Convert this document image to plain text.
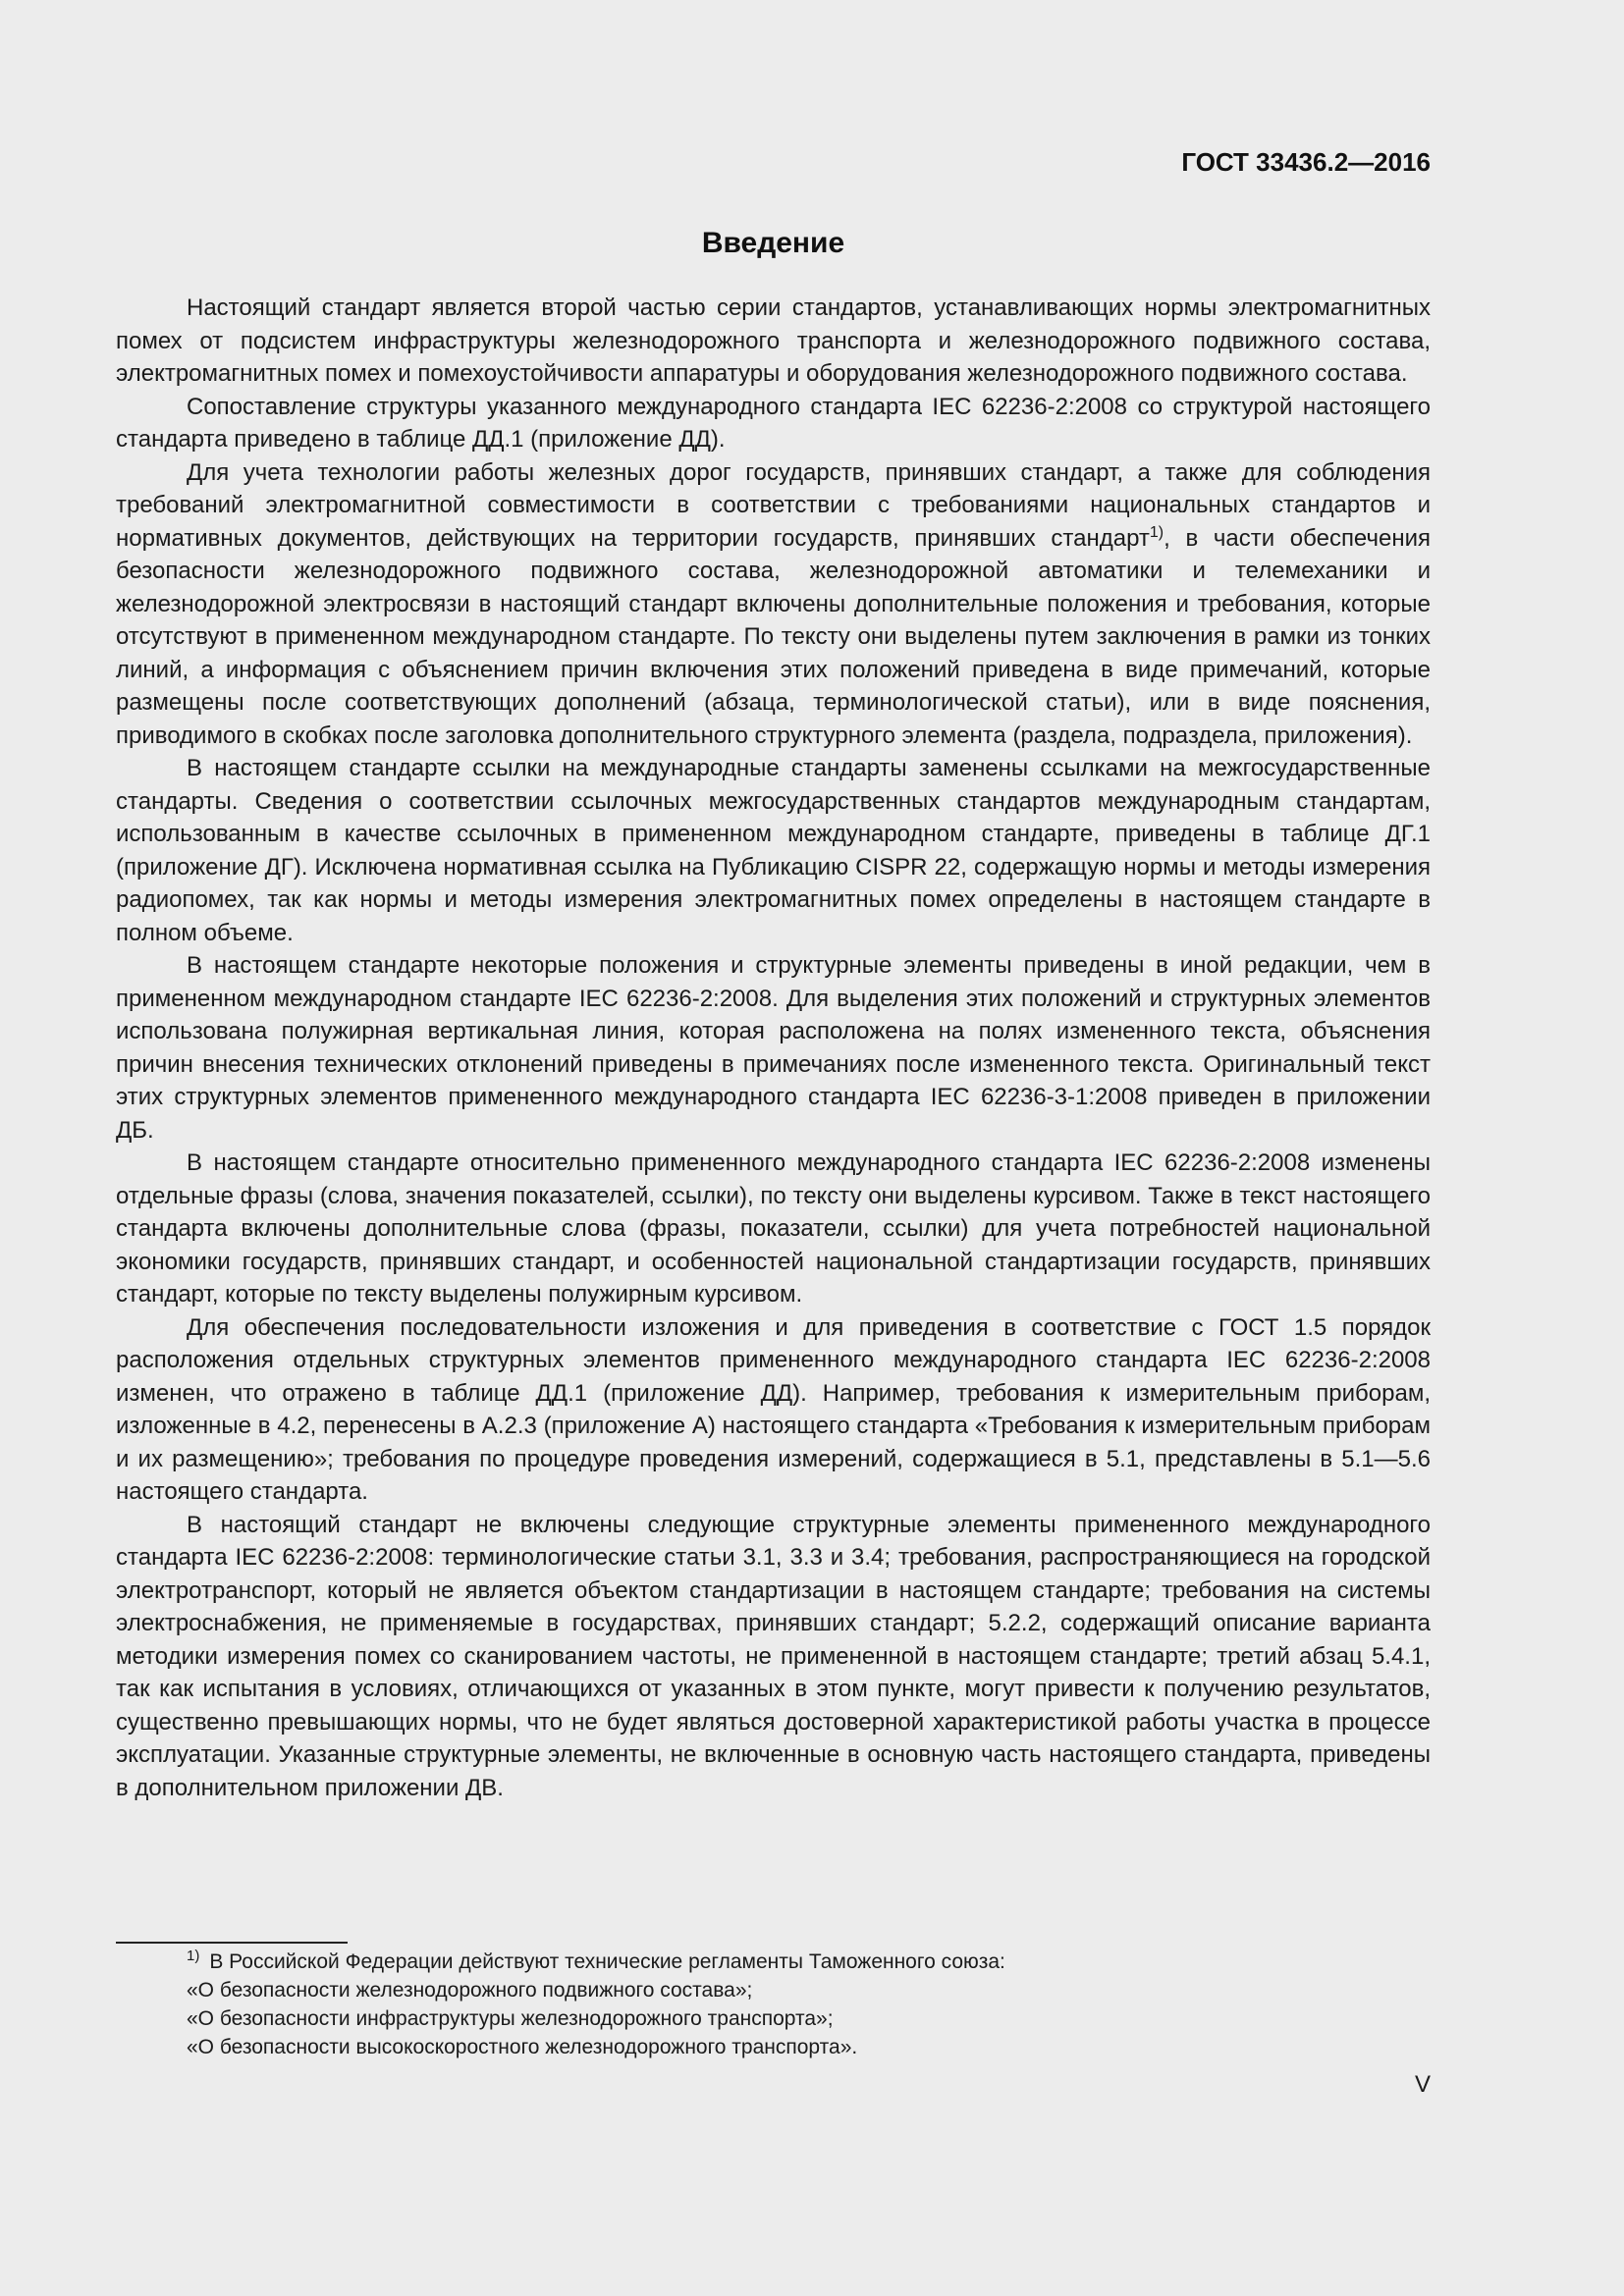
ГОСТ 33436.2—2016
Введение

Настоящий стандарт является второй частью серии стандартов, устанавливающих нормы электромагнитных помех от подсистем инфраструктуры железнодорожного транспорта и железнодорожного подвижного состава, электромагнитных помех и помехоустойчивости аппаратуры и оборудования железнодорожного подвижного состава.

Сопоставление структуры указанного международного стандарта IEC 62236-2:2008 со структурой настоящего стандарта приведено в таблице ДД.1 (приложение ДД).

Для учета технологии работы железных дорог государств, принявших стандарт, а также для соблюдения требований электромагнитной совместимости в соответствии с требованиями национальных стандартов и нормативных документов, действующих на территории государств, принявших стандарт$^{1)}$, в части обеспечения безопасности железнодорожного подвижного состава, железнодорожной автоматики и телемеханики и железнодорожной электросвязи в настоящий стандарт включены дополнительные положения и требования, которые отсутствуют в примененном международном стандарте. По тексту они выделены путем заключения в рамки из тонких линий, а информация с объяснением причин включения этих положений приведена в виде примечаний, которые размещены после соответствующих дополнений (абзаца, терминологической статьи), или в виде пояснения, приводимого в скобках после заголовка дополнительного структурного элемента (раздела, подраздела, приложения).

В настоящем стандарте ссылки на международные стандарты заменены ссылками на межгосударственные стандарты. Сведения о соответствии ссылочных межгосударственных стандартов международным стандартам, использованным в качестве ссылочных в примененном международном стандарте, приведены в таблице ДГ.1 (приложение ДГ). Исключена нормативная ссылка на Публикацию CISPR 22, содержащую нормы и методы измерения радиопомех, так как нормы и методы измерения электромагнитных помех определены в настоящем стандарте в полном объеме.

В настоящем стандарте некоторые положения и структурные элементы приведены в иной редакции, чем в примененном международном стандарте IEC 62236-2:2008. Для выделения этих положений и структурных элементов использована полужирная вертикальная линия, которая расположена на полях измененного текста, объяснения причин внесения технических отклонений приведены в примечаниях после измененного текста. Оригинальный текст этих структурных элементов примененного международного стандарта IEC 62236-3-1:2008 приведен в приложении ДБ.

В настоящем стандарте относительно примененного международного стандарта IEC 62236-2:2008 изменены отдельные фразы (слова, значения показателей, ссылки), по тексту они выделены курсивом. Также в текст настоящего стандарта включены дополнительные слова (фразы, показатели, ссылки) для учета потребностей национальной экономики государств, принявших стандарт, и особенностей национальной стандартизации государств, принявших стандарт, которые по тексту выделены полужирным курсивом.

Для обеспечения последовательности изложения и для приведения в соответствие с ГОСТ 1.5 порядок расположения отдельных структурных элементов примененного международного стандарта IEC 62236-2:2008 изменен, что отражено в таблице ДД.1 (приложение ДД). Например, требования к измерительным приборам, изложенные в 4.2, перенесены в А.2.3 (приложение А) настоящего стандарта «Требования к измерительным приборам и их размещению»; требования по процедуре проведения измерений, содержащиеся в 5.1, представлены в 5.1—5.6 настоящего стандарта.

В настоящий стандарт не включены следующие структурные элементы примененного международного стандарта IEC 62236-2:2008: терминологические статьи 3.1, 3.3 и 3.4; требования, распространяющиеся на городской электротранспорт, который не является объектом стандартизации в настоящем стандарте; требования на системы электроснабжения, не применяемые в государствах, принявших стандарт; 5.2.2, содержащий описание варианта методики измерения помех со сканированием частоты, не примененной в настоящем стандарте; третий абзац 5.4.1, так как испытания в условиях, отличающихся от указанных в этом пункте, могут привести к получению результатов, существенно превышающих нормы, что не будет являться достоверной характеристикой работы участка в процессе эксплуатации. Указанные структурные элементы, не включенные в основную часть настоящего стандарта, приведены в дополнительном приложении ДВ.

$^{1)}$ В Российской Федерации действуют технические регламенты Таможенного союза:
«О безопасности железнодорожного подвижного состава»;
«О безопасности инфраструктуры железнодорожного транспорта»;
«О безопасности высокоскоростного железнодорожного транспорта».
V
